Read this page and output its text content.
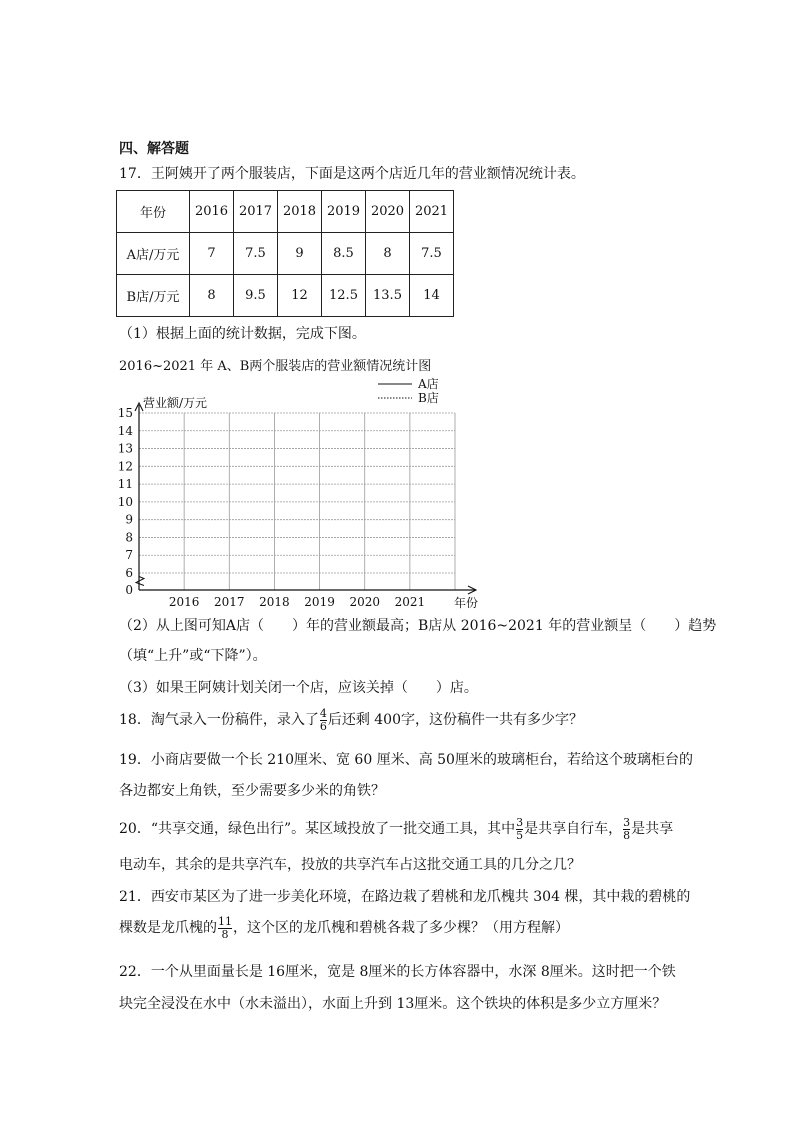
四、解答题
17．王阿姨开了两个服装店，下面是这两个店近几年的营业额情况统计表。
年份	2016	2017	2018	2019	2020	2021
A店/万元	7	7.5	9	8.5	8	7.5
B店/万元	8	9.5	12	12.5	13.5	14
（1）根据上面的统计数据，完成下图。
2016~2021 年 A、B两个服装店的营业额情况统计图
15
14
13
12
11
10
9
8
7
6
0
2016 2017 2018 2019 2020 2021
营业额/万元
年份
A店
B店
（2）从上图可知A店（　　）年的营业额最高；B店从 2016~2021 年的营业额呈（　　）趋势
（填“上升”或“下降”）。
（3）如果王阿姨计划关闭一个店，应该关掉（　　）店。
18．淘气录入一份稿件，录入了 $\frac{4}{6}$ 后还剩 400字，这份稿件一共有多少字？
19．小商店要做一个长 210厘米、宽 60 厘米、高 50厘米的玻璃柜台，若给这个玻璃柜台的
各边都安上角铁，至少需要多少米的角铁？
20．“共享交通，绿色出行”。某区域投放了一批交通工具，其中 $\frac{3}{5}$ 是共享自行车， $\frac{3}{8}$ 是共享
电动车，其余的是共享汽车，投放的共享汽车占这批交通工具的几分之几？
21．西安市某区为了进一步美化环境，在路边栽了碧桃和龙爪槐共 304 棵，其中栽的碧桃的
棵数是龙爪槐的 $\frac{11}{8}$ ，这个区的龙爪槐和碧桃各栽了多少棵？（用方程解）
22．一个从里面量长是 16厘米，宽是 8厘米的长方体容器中，水深 8厘米。这时把一个铁
块完全浸没在水中（水未溢出），水面上升到 13厘米。这个铁块的体积是多少立方厘米？
